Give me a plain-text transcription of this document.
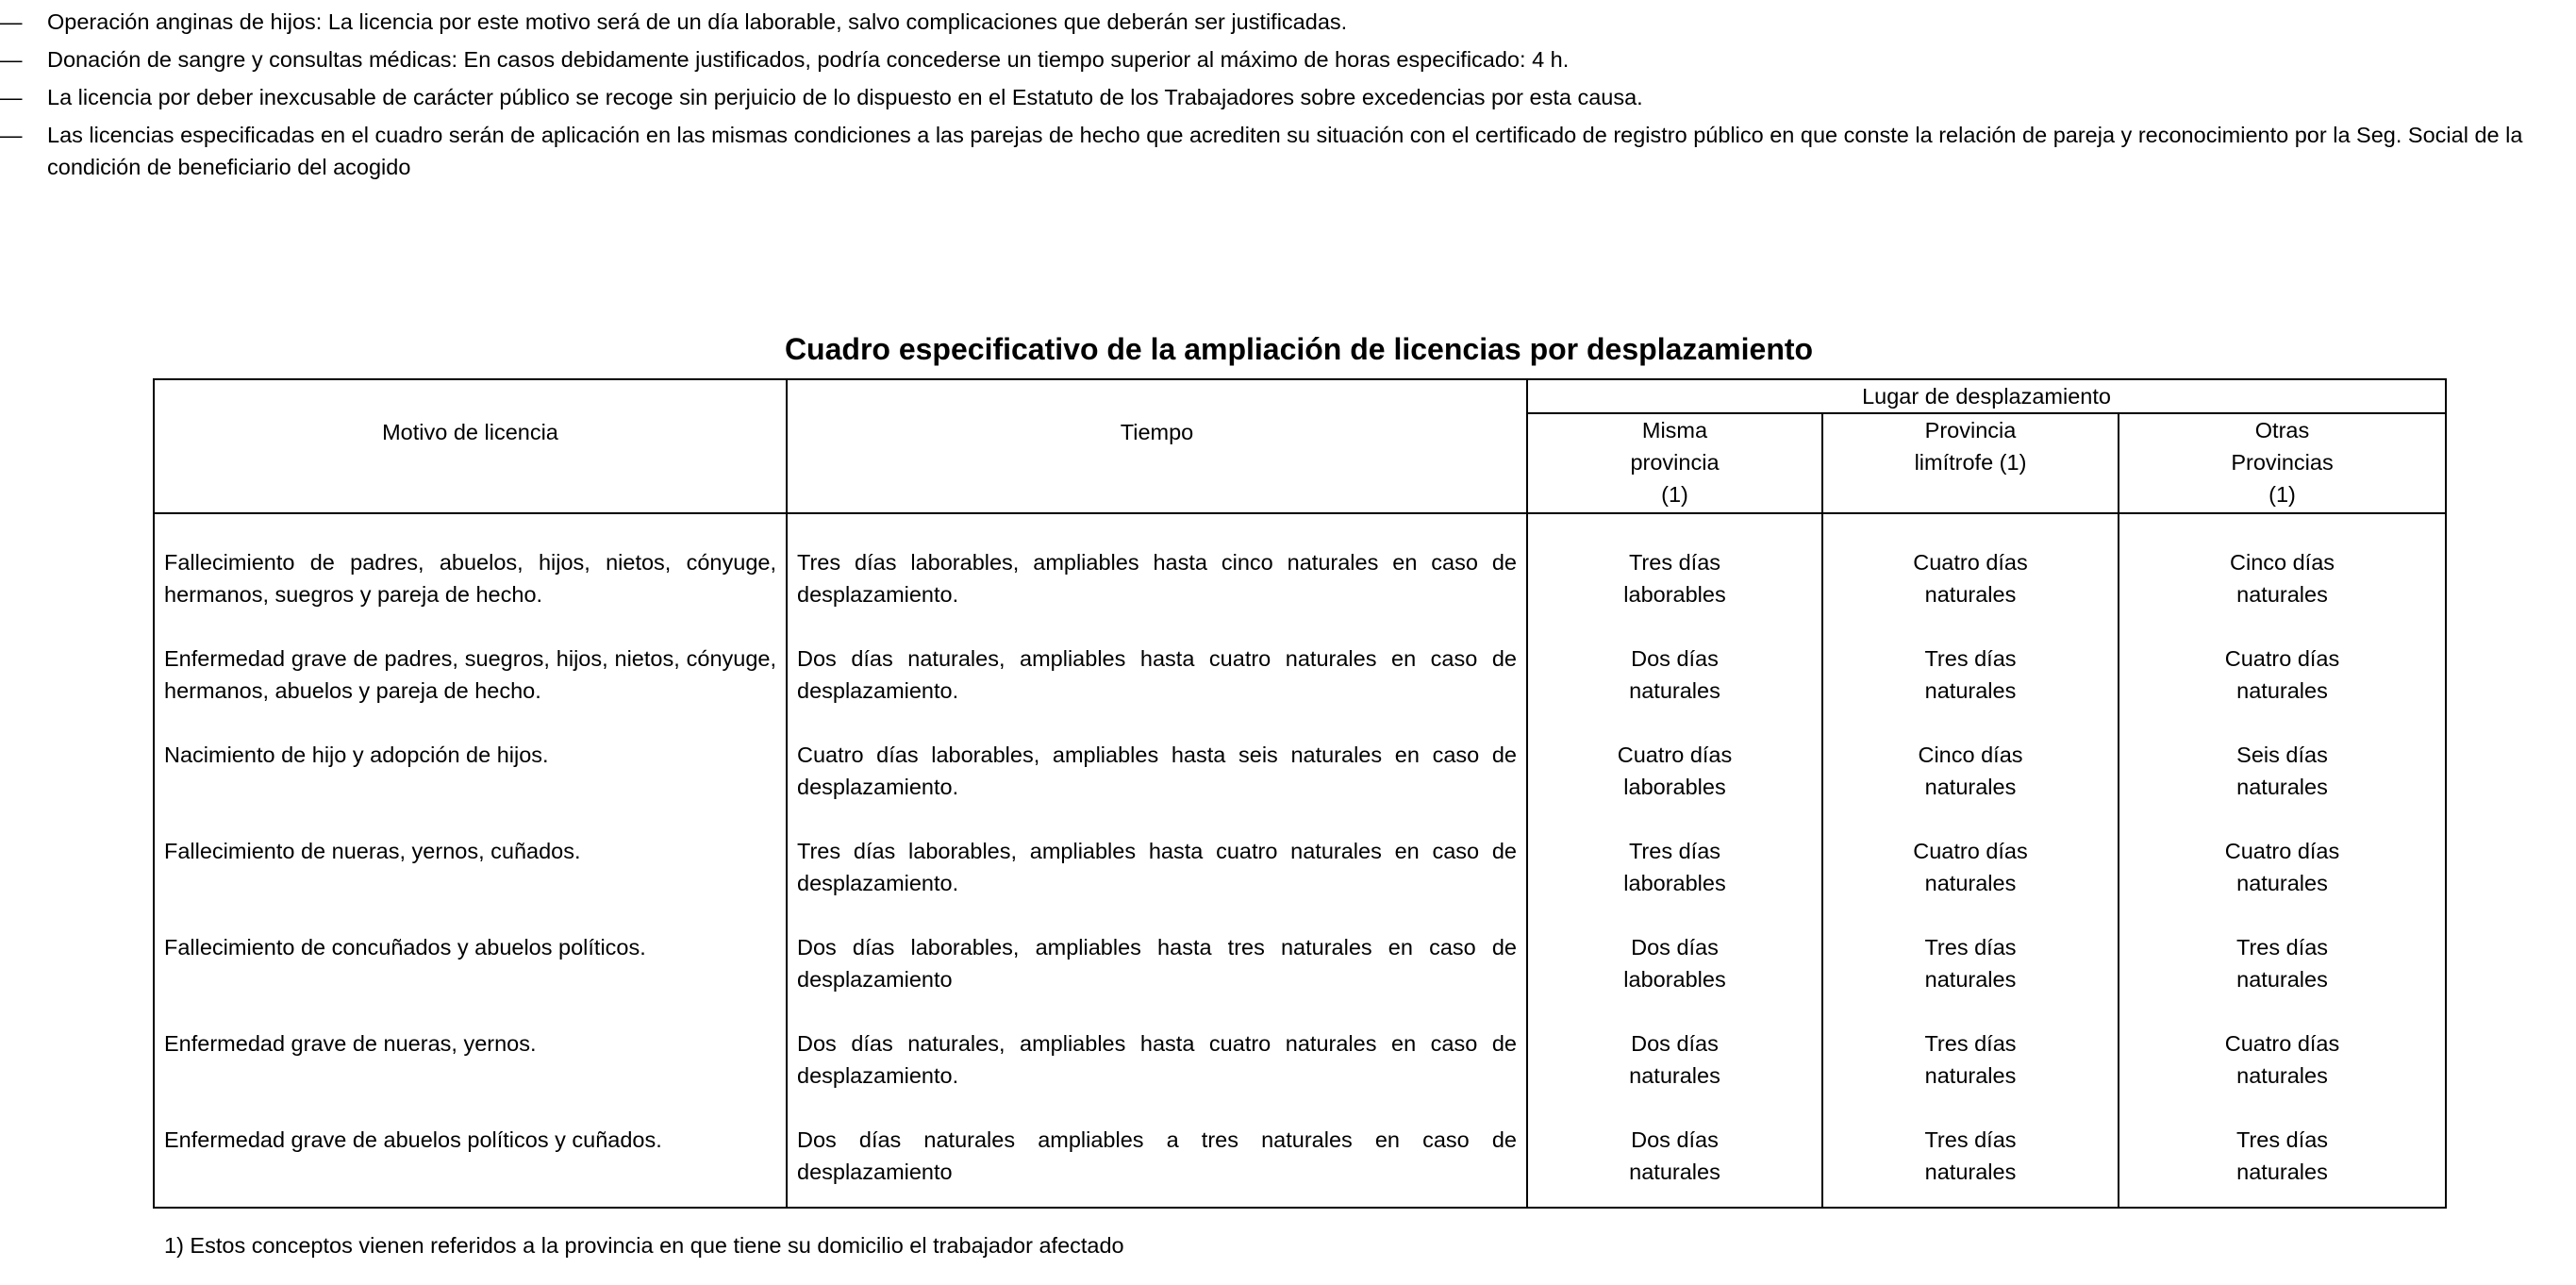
— Operación anginas de hijos: La licencia por este motivo será de un día laborable, salvo complicaciones que deberán ser justificadas.
— Donación de sangre y consultas médicas: En casos debidamente justificados, podría concederse un tiempo superior al máximo de horas especificado: 4 h.
— La licencia por deber inexcusable de carácter público se recoge sin perjuicio de lo dispuesto en el Estatuto de los Trabajadores sobre excedencias por esta causa.
— Las licencias especificadas en el cuadro serán de aplicación en las mismas condiciones a las parejas de hecho que acrediten su situación con el certificado de registro público en que conste la relación de pareja y reconocimiento por la Seg. Social de la condición de beneficiario del acogido
Cuadro especificativo de la ampliación de licencias por desplazamiento
Motivo de licencia	Tiempo	Lugar de desplazamiento		

		Misma provincia (1)	Provincia limítrofe (1)	Otras Provincias (1)

Fallecimiento de padres, abuelos, hijos, nietos, cónyuge, hermanos, suegros y pareja de hecho.	Tres días laborables, ampliables hasta cinco naturales en caso de desplazamiento.	Tres días laborables	Cuatro días naturales	Cinco días naturales

Enfermedad grave de padres, suegros, hijos, nietos, cónyuge, hermanos, abuelos y pareja de hecho.	Dos días naturales, ampliables hasta cuatro naturales en caso de desplazamiento.	Dos días naturales	Tres días naturales	Cuatro días naturales

Nacimiento de hijo y adopción de hijos.	Cuatro días laborables, ampliables hasta seis naturales en caso de desplazamiento.	Cuatro días laborables	Cinco días naturales	Seis días naturales

Fallecimiento de nueras, yernos, cuñados.	Tres días laborables, ampliables hasta cuatro naturales en caso de desplazamiento.	Tres días laborables	Cuatro días naturales	Cuatro días naturales

Fallecimiento de concuñados y abuelos políticos.	Dos días laborables, ampliables hasta tres naturales en caso de desplazamiento	Dos días laborables	Tres días naturales	Tres días naturales

Enfermedad grave de nueras, yernos.	Dos días naturales, ampliables hasta cuatro naturales en caso de desplazamiento.	Dos días naturales	Tres días naturales	Cuatro días naturales

Enfermedad grave de abuelos políticos y cuñados.	Dos días naturales ampliables a tres naturales en caso de desplazamiento	Dos días naturales	Tres días naturales	Tres días naturales

1) Estos conceptos vienen referidos a la provincia en que tiene su domicilio el trabajador afectado
